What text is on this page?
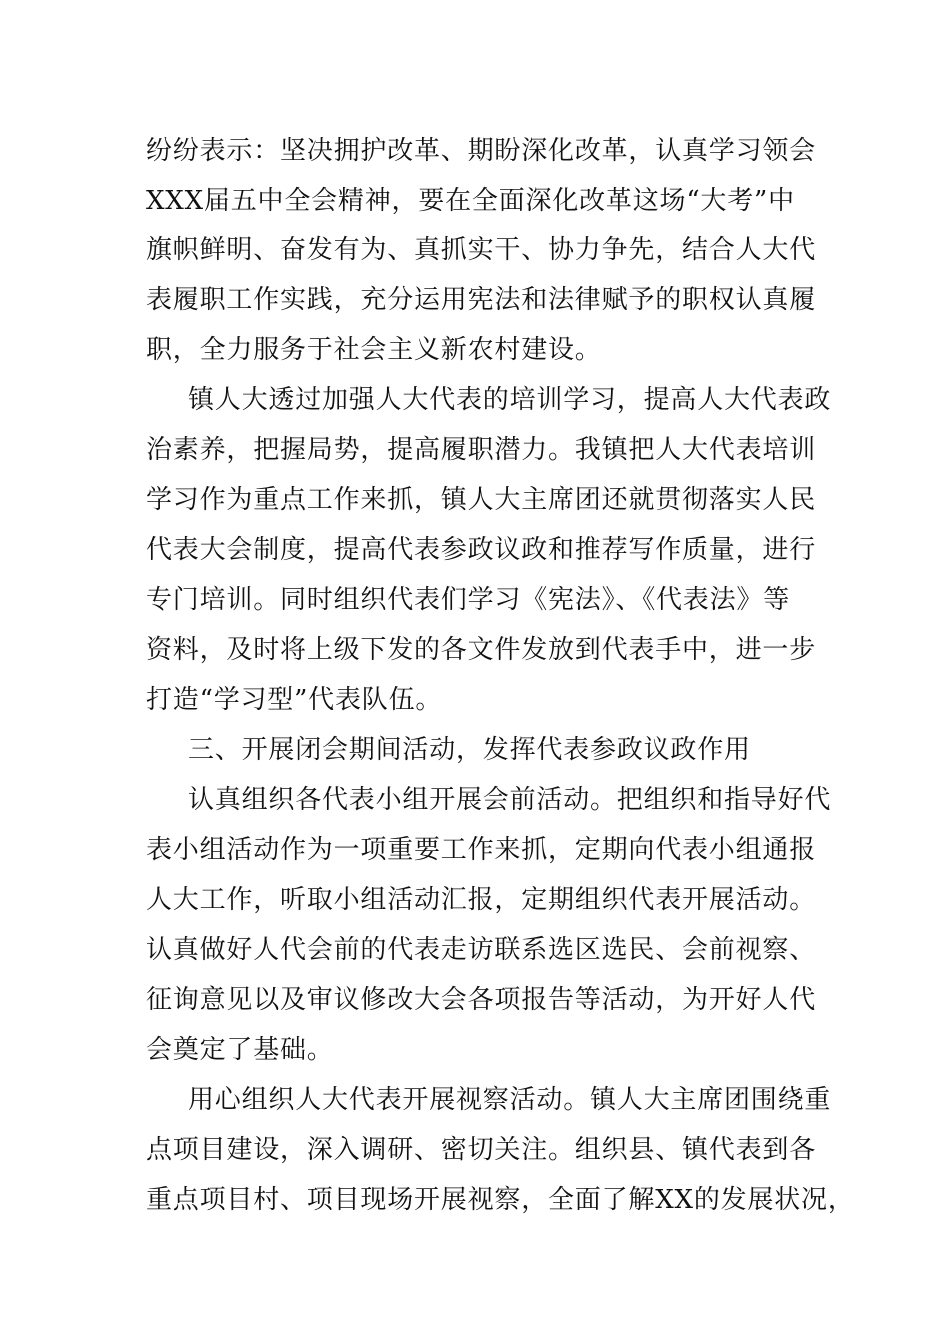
纷纷表示：坚决拥护改革、期盼深化改革，认真学习领会
XXX届五中全会精神，要在全面深化改革这场“大考”中
旗帜鲜明、奋发有为、真抓实干、协力争先，结合人大代
表履职工作实践，充分运用宪法和法律赋予的职权认真履
职，全力服务于社会主义新农村建设。
镇人大透过加强人大代表的培训学习，提高人大代表政
治素养，把握局势，提高履职潜力。我镇把人大代表培训
学习作为重点工作来抓，镇人大主席团还就贯彻落实人民
代表大会制度，提高代表参政议政和推荐写作质量，进行
专门培训。同时组织代表们学习《宪法》、《代表法》等
资料，及时将上级下发的各文件发放到代表手中，进一步
打造“学习型”代表队伍。
三、开展闭会期间活动，发挥代表参政议政作用
认真组织各代表小组开展会前活动。把组织和指导好代
表小组活动作为一项重要工作来抓，定期向代表小组通报
人大工作，听取小组活动汇报，定期组织代表开展活动。
认真做好人代会前的代表走访联系选区选民、会前视察、
征询意见以及审议修改大会各项报告等活动，为开好人代
会奠定了基础。
用心组织人大代表开展视察活动。镇人大主席团围绕重
点项目建设，深入调研、密切关注。组织县、镇代表到各
重点项目村、项目现场开展视察，全面了解XX的发展状况，
